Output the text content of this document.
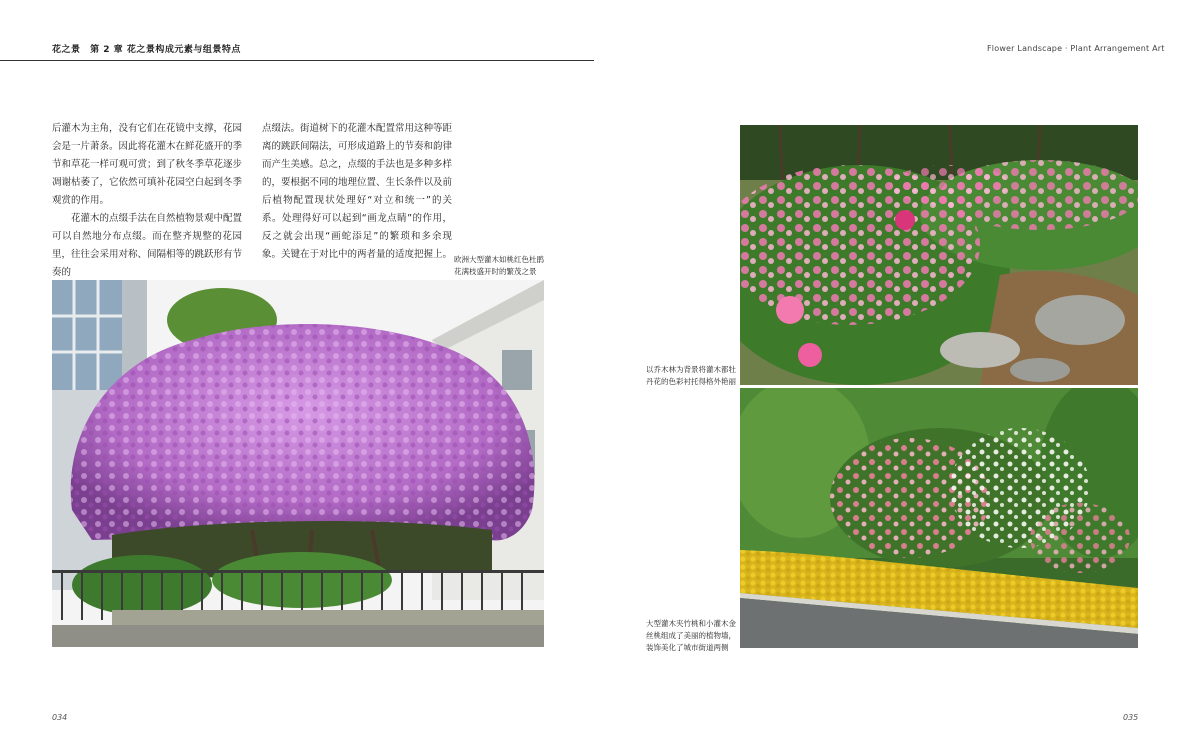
花之景 第 2 章 花之景构成元素与组景特点	Flower Landscape · Plant Arrangement Art

后灌木为主角，没有它们在花镜中支撑，花园会是一片萧条。因此将花灌木在鲜花盛开的季节和草花一样可观可赏；到了秋冬季草花逐步凋谢枯萎了，它依然可填补花园空白起到冬季观赏的作用。

花灌木的点缀手法在自然植物景观中配置可以自然地分布点缀。而在整齐规整的花园里，往往会采用对称、间隔相等的跳跃形有节奏的

点缀法。街道树下的花灌木配置常用这种等距离的跳跃间隔法，可形成道路上的节奏和韵律而产生美感。总之，点缀的手法也是多种多样的，要根据不同的地理位置、生长条件以及前后植物配置现状处理好“对立和统一”的关系。处理得好可以起到“画龙点睛”的作用，反之就会出现“画蛇添足”的繁琐和多余现象。关键在于对比中的两者量的适度把握上。 欧洲大型灌木如桃红色杜鹃花满枝盛开时的繁茂之景
以乔木林为背景将灌木都牡丹花的色彩衬托得格外艳丽
大型灌木夹竹桃和小灌木金丝桃组成了美丽的植物墙，装饰美化了城市街道两侧
034	035
